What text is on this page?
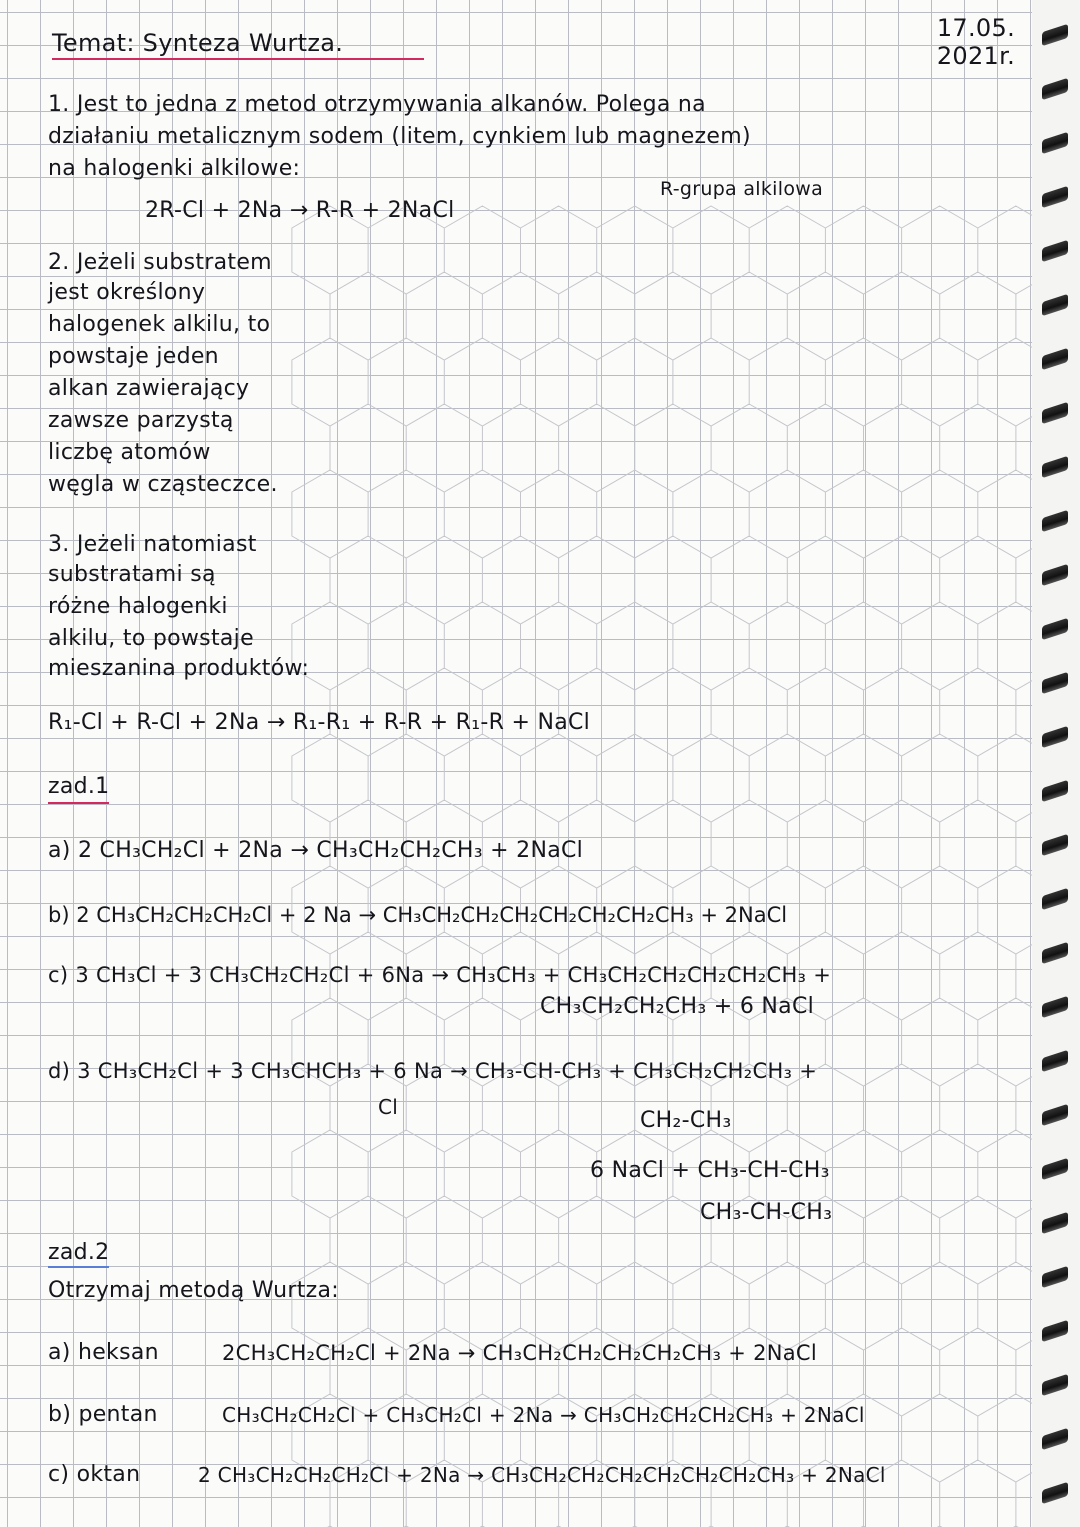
Temat: Synteza Wurtza.
17.05.
2021r.
1. Jest to jedna z metod otrzymywania alkanów. Polega na
działaniu metalicznym sodem (litem, cynkiem lub magnezem)
na halogenki alkilowe:
2R-Cl + 2Na → R-R + 2NaCl
R-grupa alkilowa
2. Jeżeli substratem
jest określony
halogenek alkilu, to
powstaje jeden
alkan zawierający
zawsze parzystą
liczbę atomów
węgla w cząsteczce.
3. Jeżeli natomiast
substratami są
różne halogenki
alkilu, to powstaje
mieszanina produktów:
R₁-Cl + R-Cl + 2Na → R₁-R₁ + R-R + R₁-R + NaCl
zad.1
a) 2 CH₃CH₂Cl + 2Na → CH₃CH₂CH₂CH₃ + 2NaCl
b) 2 CH₃CH₂CH₂CH₂Cl + 2 Na → CH₃CH₂CH₂CH₂CH₂CH₂CH₂CH₃ + 2NaCl
c) 3 CH₃Cl + 3 CH₃CH₂CH₂Cl + 6Na → CH₃CH₃ + CH₃CH₂CH₂CH₂CH₂CH₃ +
CH₃CH₂CH₂CH₃ + 6 NaCl
d) 3 CH₃CH₂Cl + 3 CH₃CHCH₃ + 6 Na → CH₃-CH-CH₃ + CH₃CH₂CH₂CH₃ +
Cl
CH₂-CH₃
6 NaCl + CH₃-CH-CH₃
CH₃-CH-CH₃
zad.2
Otrzymaj metodą Wurtza:
a) heksan	2CH₃CH₂CH₂Cl + 2Na → CH₃CH₂CH₂CH₂CH₂CH₃ + 2NaCl
b) pentan	CH₃CH₂CH₂Cl + CH₃CH₂Cl + 2Na → CH₃CH₂CH₂CH₂CH₃ + 2NaCl
c) oktan	2 CH₃CH₂CH₂CH₂Cl + 2Na → CH₃CH₂CH₂CH₂CH₂CH₂CH₂CH₃ + 2NaCl
